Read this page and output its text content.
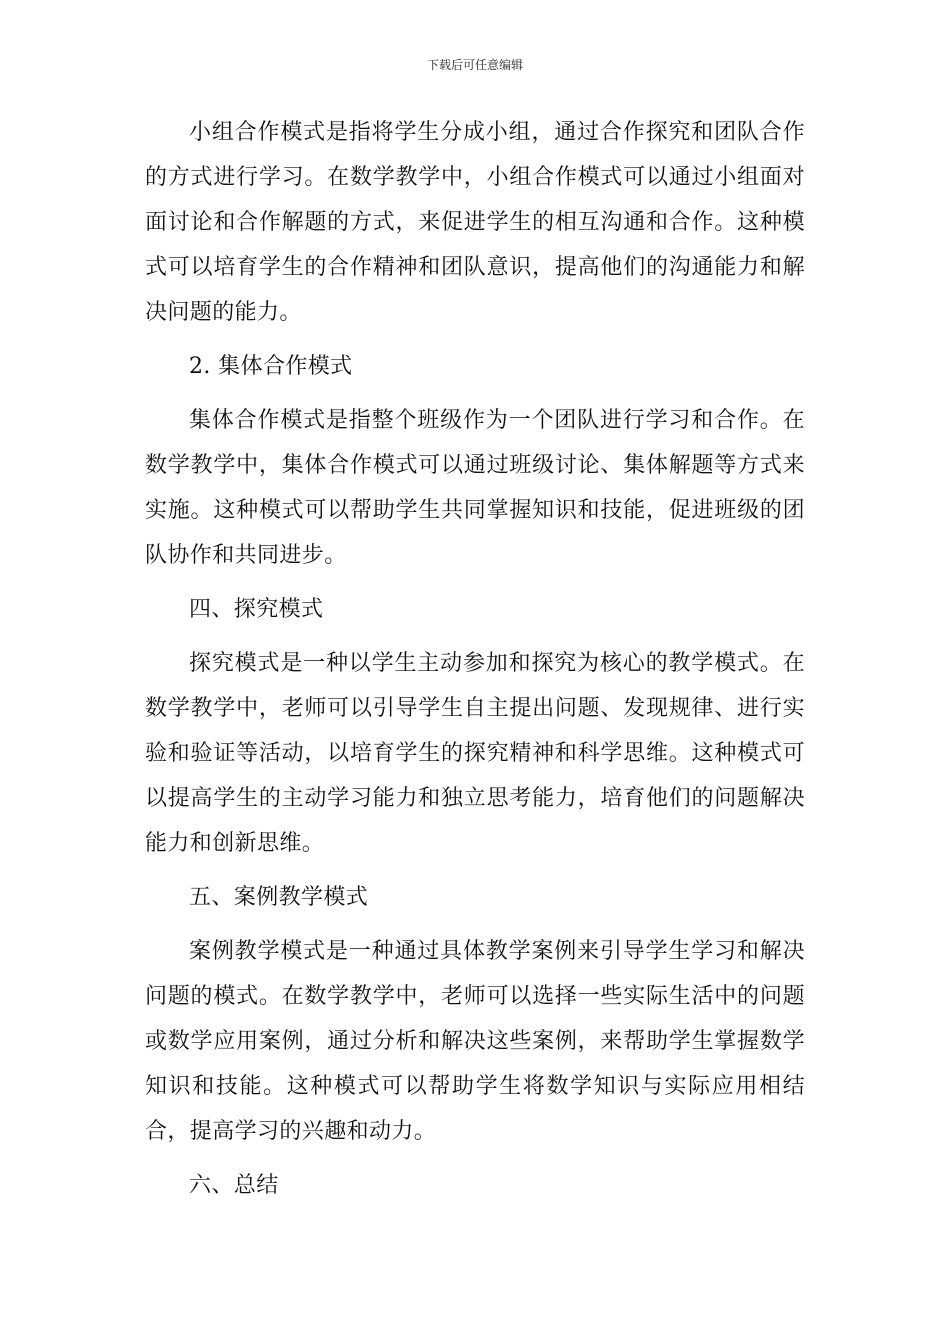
下载后可任意编辑

小组合作模式是指将学生分成小组，通过合作探究和团队合作的方式进行学习。在数学教学中，小组合作模式可以通过小组面对面讨论和合作解题的方式，来促进学生的相互沟通和合作。这种模式可以培育学生的合作精神和团队意识，提高他们的沟通能力和解决问题的能力。

2. 集体合作模式

集体合作模式是指整个班级作为一个团队进行学习和合作。在数学教学中，集体合作模式可以通过班级讨论、集体解题等方式来实施。这种模式可以帮助学生共同掌握知识和技能，促进班级的团队协作和共同进步。

四、探究模式

探究模式是一种以学生主动参加和探究为核心的教学模式。在数学教学中，老师可以引导学生自主提出问题、发现规律、进行实验和验证等活动，以培育学生的探究精神和科学思维。这种模式可以提高学生的主动学习能力和独立思考能力，培育他们的问题解决能力和创新思维。

五、案例教学模式

案例教学模式是一种通过具体教学案例来引导学生学习和解决问题的模式。在数学教学中，老师可以选择一些实际生活中的问题或数学应用案例，通过分析和解决这些案例，来帮助学生掌握数学知识和技能。这种模式可以帮助学生将数学知识与实际应用相结合，提高学习的兴趣和动力。

六、总结
